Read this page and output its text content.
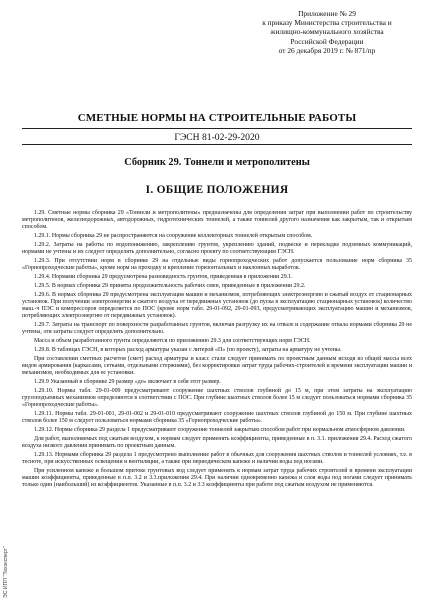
Приложение № 29
к приказу Министерства строительства и
жилищно-коммунального хозяйства
Российской Федерации
от 26 декабря 2019 г. № 871/пр
СМЕТНЫЕ НОРМЫ НА СТРОИТЕЛЬНЫЕ РАБОТЫ
ГЭСН 81-02-29-2020
Сборник 29. Тоннели и метрополитены
I. ОБЩИЕ ПОЛОЖЕНИЯ

1.29. Сметные нормы сборника 29 «Тоннели и метрополитены» предназначены для определения затрат при выполнении работ по строительству метрополитенов, железнодорожных, автодорожных, гидротехнических тоннелей, а также тоннелей другого назначения как закрытым, так и открытым способом.

1.29.1. Нормы сборника 29 не распространяются на сооружение коллекторных тоннелей открытым способом.

1.29.2. Затраты на работы по водопонижению, закреплению грунтов, укреплению зданий, подвеске и перекладке подземных коммуникаций, нормами не учтены и их следует определять дополнительно, согласно проекту по соответствующим ГЭСН.

1.29.3. При отсутствии норм в сборнике 29 на отдельные виды горнопроходческих работ допускается пользование норм сборника 35 «Горнопроходческие работы», кроме норм на проходку и крепление горизонтальных и наклонных выработок.

1.29.4. Нормами сборника 29 предусмотрена разновидность грунтов, приведенная в приложении 29.1.

1.29.5. В нормах сборника 29 приняты продолжительность рабочих смен, приведенные в приложении 29.2.

1.29.6. В нормах сборника 29 предусмотрена эксплуатация машин и механизмов, потребляющих электроэнергию и сжатый воздух от стационарных установок. При получении электроэнергии и сжатого воздуха от передвижных установок (до пуска в эксплуатацию стационарных установок) количество маш.-ч ПЭС и компрессоров определяется по ПОС (кроме норм табл. 29-01-092, 29-01-093, предусматривающих эксплуатацию машин и механизмов, потребляющих электроэнергию от передвижных установок).

1.29.7. Затраты на транспорт по поверхности разработанных грунтов, включая разгрузку их на отвале и содержание отвала нормами сборника 29 не учтены, эти затраты следует определять дополнительно.

Масса и объем разработанного грунта определяются по приложению 29.3 для соответствующих норм ГЭСН.

1.29.8. В таблицах ГЭСН, в которых расход арматуры указан с литерой «П» (по проекту), затраты на арматуру не учтены.

При составлении сметных расчетов (смет) расход арматуры и класс стали следует принимать по проектным данным исходя из общей массы всех видов армирования (каркасами, сетками, отдельными стержнями), без корректировки затрат труда рабочих-строителей и времени эксплуатации машин и механизмов, необходимых для ее установки.

1.29.9 Указанный в сборнике 29 размер «до» включает в себя этот размер.

1.29.10. Нормы табл. 29-01-009 предусматривают сооружение шахтных стволов глубиной до 15 м, при этом затраты на эксплуатацию грузоподъемных механизмов определяются в соответствии с ПОС. При глубине шахтных стволов более 15 м следует пользоваться нормами сборника 35 «Горнопроходческие работы».

1.29.11. Нормы табл. 29-01-001, 29-01-002 и 29-01-010 предусматривают сооружение шахтных стволов глубиной до 150 м. При глубине шахтных стволов более 150 м следует пользоваться нормами сборника 35 «Горнопроходческие работы».

1.29.12. Нормы сборника 29 раздела 1 предусматривают сооружение тоннелей закрытым способом работ при нормальном атмосферном давлении.

Для работ, выполняемых под сжатым воздухом, к нормам следует применять коэффициенты, приведенные в п. 3.1. приложения 29.4. Расход сжатого воздуха низкого давления принимать по проектным данным.

1.29.13. Нормами сборника 29 раздела 1 предусмотрено выполнение работ в обычных для сооружения шахтных стволов и тоннелей условиях, т.е. в тесноте, при искусственных освещении и вентиляции, а также при периодическом капеже и наличии воды под ногами.

При усиленном капеже и большом притоке грунтовых вод следует применять к нормам затрат труда рабочих строителей и времени эксплуатации машин коэффициенты, приведенные в п.п. 3.2 и 3.3.приложения 29.4. При наличии одновременно капежа и слоя воды под ногами следует принимать только один (наибольший) из коэффициентов. Указанные в п.п. 3.2 и 3.3 коэффициенты при работе под сжатым воздухом не применяются.

ЭС ИПП "Техэксперт"
